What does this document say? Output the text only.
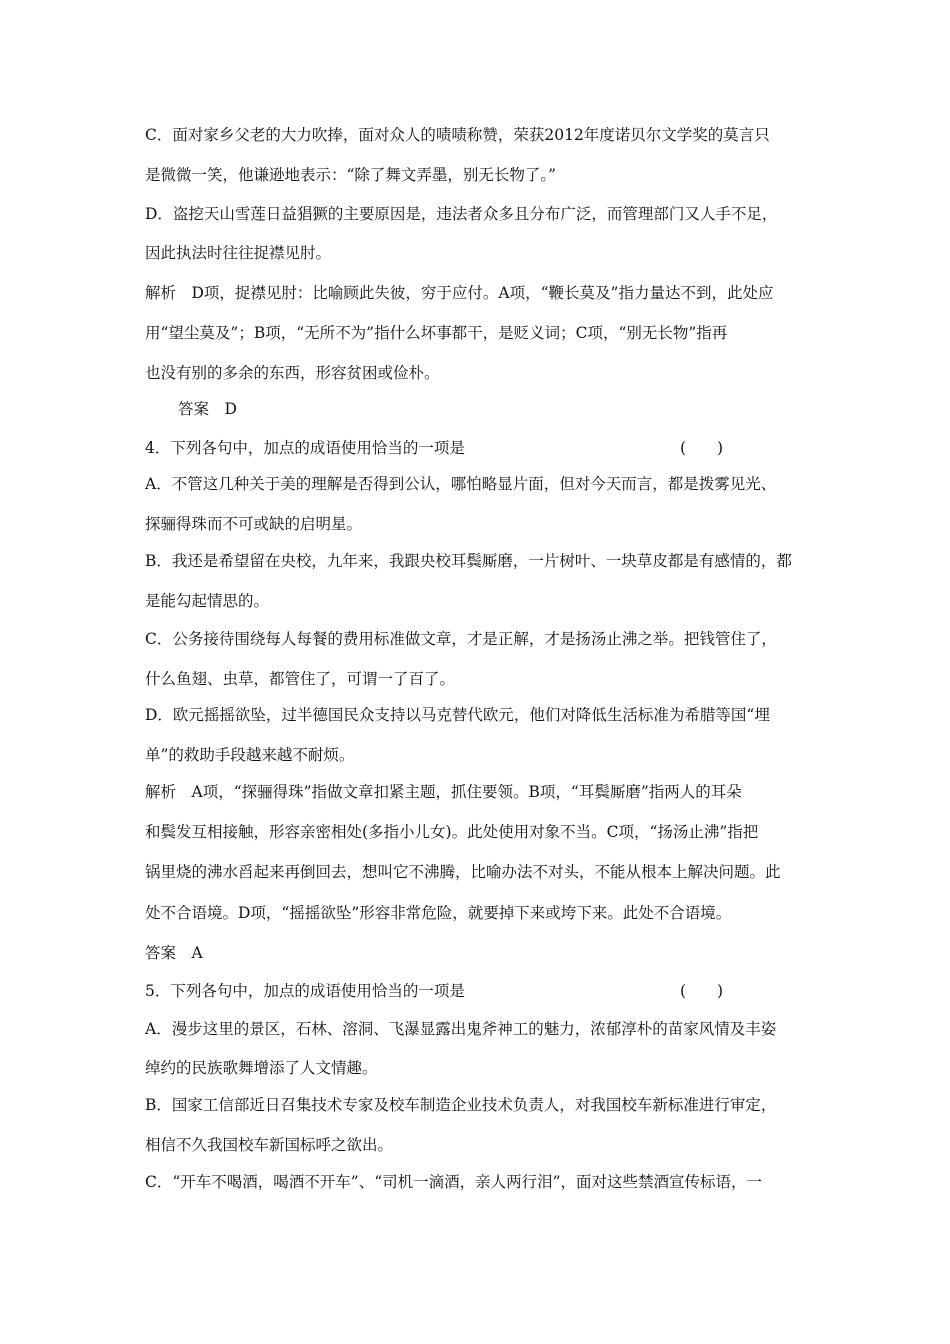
C．面对家乡父老的大力吹捧，面对众人的啧啧称赞，荣获2012年度诺贝尔文学奖的莫言只
是微微一笑，他谦逊地表示：“除了舞文弄墨，别无长物了。”
D．盗挖天山雪莲日益猖獗的主要原因是，违法者众多且分布广泛，而管理部门又人手不足，
因此执法时往往捉襟见肘。
解析　D项，捉襟见肘：比喻顾此失彼，穷于应付。A项，“鞭长莫及”指力量达不到，此处应
用“望尘莫及”；B项，“无所不为”指什么坏事都干，是贬义词；C项，“别无长物”指再
也没有别的多余的东西，形容贫困或俭朴。
答案　D
4．下列各句中，加点的成语使用恰当的一项是	(　　)
A．不管这几种关于美的理解是否得到公认，哪怕略显片面，但对今天而言，都是拨雾见光、
探骊得珠而不可或缺的启明星。
B．我还是希望留在央校，九年来，我跟央校耳鬓厮磨，一片树叶、一块草皮都是有感情的，都
是能勾起情思的。
C．公务接待围绕每人每餐的费用标准做文章，才是正解，才是扬汤止沸之举。把钱管住了，
什么鱼翅、虫草，都管住了，可谓一了百了。
D．欧元摇摇欲坠，过半德国民众支持以马克替代欧元，他们对降低生活标准为希腊等国“埋
单”的救助手段越来越不耐烦。
解析　A项，“探骊得珠”指做文章扣紧主题，抓住要领。B项，“耳鬓厮磨”指两人的耳朵
和鬓发互相接触，形容亲密相处(多指小儿女)。此处使用对象不当。C项，“扬汤止沸”指把
锅里烧的沸水舀起来再倒回去，想叫它不沸腾，比喻办法不对头，不能从根本上解决问题。此
处不合语境。D项，“摇摇欲坠”形容非常危险，就要掉下来或垮下来。此处不合语境。
答案　A
5．下列各句中，加点的成语使用恰当的一项是	(　　)
A．漫步这里的景区，石林、溶洞、飞瀑显露出鬼斧神工的魅力，浓郁淳朴的苗家风情及丰姿
绰约的民族歌舞增添了人文情趣。
B．国家工信部近日召集技术专家及校车制造企业技术负责人，对我国校车新标准进行审定，
相信不久我国校车新国标呼之欲出。
C．“开车不喝酒，喝酒不开车”、“司机一滴酒，亲人两行泪”，面对这些禁酒宣传标语，一
